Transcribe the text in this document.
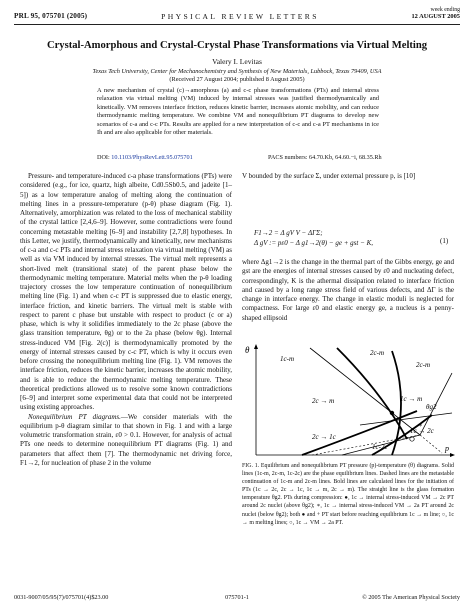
PRL 95, 075701 (2005)	PHYSICAL REVIEW LETTERS
week ending
12 AUGUST 2005
Crystal-Amorphous and Crystal-Crystal Phase Transformations via Virtual Melting
Valery I. Levitas
Texas Tech University, Center for Mechanochemistry and Synthesis of New Materials, Lubbock, Texas 79409, USA
(Received 27 August 2004; published 8 August 2005)
A new mechanism of crystal (c)→amorphous (a) and c-c phase transformations (PTs) and internal stress relaxation via virtual melting (VM) induced by internal stresses was justified thermodynamically and kinetically. VM removes interface friction, reduces kinetic barrier, increases atomic mobility, and can reduce thermodynamic melting temperature. We combine VM and nonequilibrium PT diagrams to develop new scenarios of c-a and c-c PTs. Results are applied for a new interpretation of c-c and c-a PT mechanisms in ice Ih and are also applicable for other materials.
DOI: 10.1103/PhysRevLett.95.075701	PACS numbers: 64.70.Kb, 64.60.−i, 68.35.Rh

Pressure- and temperature-induced c-a phase transformations (PTs) were considered (e.g., for ice, quartz, high albeite, Cd0.5Sb0.5, and jadeite [1–5]) as a low temperature analog of melting along the continuation of melting lines in a pressure-temperature (p-θ) phase diagram (Fig. 1). Alternatively, amorphization was related to the loss of mechanical stability of the crystal lattice [2,4,6–9]. However, some contradictions were found concerning metastable melting [6–9] and instability [2,7,8] hypotheses. In this Letter, we justify, thermodynamically and kinetically, new mechanisms of c-a and c-c PTs and internal stress relaxation via virtual melting (VM) as well as via VM induced by internal stresses. The virtual melt represents a short-lived melt (transitional state) of the parent phase below the thermodynamic melting temperature. Material melts when the p-θ loading trajectory crosses the low temperature continuation of nonequilibrium melting line (Fig. 1) and when c-c PT is suppressed due to elastic energy, interface friction, and kinetic barriers. The virtual melt is stable with respect to parent c phase but unstable with respect to product (c or a) phase, which is why it solidifies immediately to the 2c phase (above the glass transition temperature, θg) or to the 2a phase (below θg). Internal stress-induced VM [Fig. 2(c)] is thermodynamically promoted by the energy of internal stresses caused by c-c PT, which is why it occurs even before crossing the nonequilibrium melting line (Fig. 1). VM removes the interface friction, reduces the kinetic barrier, increases the atomic mobility, and is able to reduce the thermodynamic melting temperature. These theoretical predictions allowed us to resolve some known contradictions [6–9] and interpret some experimental data that could not be interpreted using existing approaches.

Nonequilibrium PT diagrams.—We consider materials with the equilibrium p-θ diagram similar to that shown in Fig. 1 and with a large volumetric transformation strain, ε0 > 0.1. However, for analysis of actual PTs one needs to determine nonequilibrium PT diagrams (Fig. 1) and parameters that affect them [7]. The thermodynamic net driving force, F1→2, for nucleation of phase 2 in the volume

V bounded by the surface Σ, under external pressure p, is [10]
F1→2 = Δ gV V − ΔΓΣ;
Δ gV := pε0 − Δ g1→2(θ) − ge + gst − K,	(1)
where Δg1→2 is the change in the thermal part of the Gibbs energy, ge and gst are the energies of internal stresses caused by ε0 and nucleating defect, correspondingly, K is the athermal dissipation related to interface friction and caused by a long range stress field of various defects, and ΔΓ is the change in interface energy. The change in elastic moduli is neglected for compactness. For large ε0 and elastic energy ge, a nucleus is a penny-shaped ellipsoid
θ
p
1c-m
2c-m
2c → m	1c → m
2c → 1c
1c → 2c
1c-2c
θg2
2c-m
+ ∗
FIG. 1. Equilibrium and nonequilibrium PT pressure (p)-temperature (θ) diagrams. Solid lines (1c-m, 2c-m, 1c-2c) are the phase equilibrium lines. Dashed lines are the metastable continuation of 1c-m and 2c-m lines. Bold lines are calculated lines for the initiation of PTs (1c → 2c, 2c → 1c, 1c → m, 2c → m). The straight line is the glass formation temperature θg2. PTs during compression: ●, 1c → internal stress-induced VM → 2c PT around 2c nuclei (above θg2); ∗, 1c → internal stress-induced VM → 2a PT around 2c nuclei (below θg2); both ● and + PT start before reaching equilibrium 1c → m line; ○, 1c → m melting lines; ○, 1c → VM → 2a PT.
0031-9007/05/95(7)/075701(4)$23.00	075701-1	© 2005 The American Physical Society
